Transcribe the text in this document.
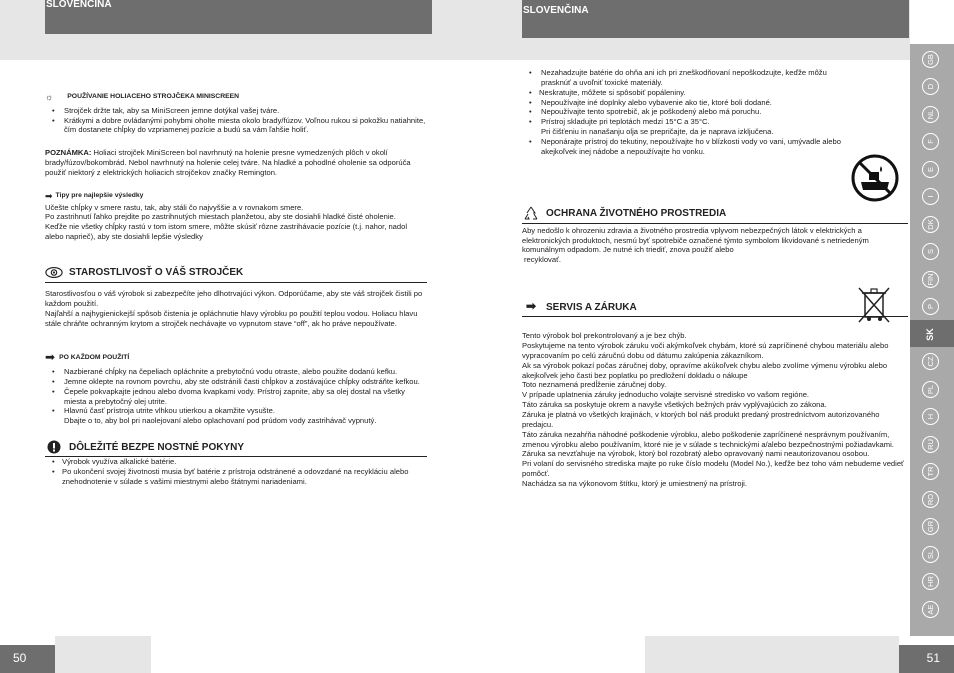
SLOVENČINA
SLOVENČINA
☼ POUŽÍVANIE HOLIACEHO STROJČEKA MINISCREEN
• Strojček držte tak, aby sa MiniScreen jemne dotýkal vašej tváre.
• Krátkymi a dobre ovládanými pohybmi oholte miesta okolo brady/fúzov. Voľnou rukou si pokožku natiahnite, čím dostanete chĺpky do vzpriamenej pozície a budú sa vám ľahšie holiť.

POZNÁMKA: Holiaci strojček MiniScreen bol navrhnutý na holenie presne vymedzených plôch v okolí brady/fúzov/bokombrád. Nebol navrhnutý na holenie celej tváre. Na hladké a pohodlné oholenie sa odporúča použiť niektorý z elektrických holiacich strojčekov značky Remington.

➡ Tipy pre najlepšie výsledky

Učešte chĺpky v smere rastu, tak, aby stáli čo najvyššie a v rovnakom smere.

Po zastrihnutí ľahko prejdite po zastrihnutých miestach planžetou, aby ste dosiahli hladké čisté oholenie.

Keďže nie všetky chĺpky rastú v tom istom smere, môžte skúsiť rôzne zastrihávacie pozície (t.j. nahor, nadol alebo naprieč), aby ste dosiahli lepšie výsledky

STAROSTLIVOSŤ O VÁŠ STROJČEK

Starostlivosťou o váš výrobok si zabezpečíte jeho dlhotrvajúci výkon. Odporúčame, aby ste váš strojček čistili po každom použití.

Najľahší a najhygienickejší spôsob čistenia je opláchnutie hlavy výrobku po použití teplou vodou. Holiacu hlavu stále chráňte ochranným krytom a strojček nechávajte vo vypnutom stave “off”, ak ho práve nepoužívate.

➡ PO KAŽDOM POUŽITÍ
• Nazbierané chĺpky na čepeliach opláchnite a prebytočnú vodu otraste, alebo použite dodanú kefku.
• Jemne oklepte na rovnom povrchu, aby ste odstránili časti chĺpkov a zostávajúce chĺpky odstráňte kefkou.
• Čepele pokvapkajte jednou alebo dvoma kvapkami vody. Prístroj zapnite, aby sa olej dostal na všetky miesta a prebytočný olej utrite.
• Hlavnú časť prístroja utrite vlhkou utierkou a okamžite vysušte.

Dbajte o to, aby bol pri naolejovaní alebo oplachovaní pod prúdom vody zastrihávač vypnutý.

DÔLEŽITÉ BEZPE NOSTNÉ POKYNY
• Výrobok využíva alkalické batérie.
• Po ukončení svojej životnosti musia byť batérie z prístroja odstránené a odovzdané na recykláciu alebo znehodnotenie v súlade s vašimi miestnymi alebo štátnymi nariadeniami.
• Nezahadzujte batérie do ohňa ani ich pri zneškodňovaní nepoškodzujte, keďže môžu prasknúť a uvoľniť toxické materiály.
• Neskratujte, môžete si spôsobiť popáleniny.
• Nepoužívajte iné doplnky alebo vybavenie ako tie, ktoré boli dodané.
• Nepoužívajte tento spotrebič, ak je poškodený alebo má poruchu.
• Prístroj skladujte pri teplotách medzi 15°C a 35°C.

Pri čišťeniu in nanašanju olja se prepričajte, da je naprava izključena.

• Neponárajte prístroj do tekutiny, nepoužívajte ho v blízkosti vody vo vani, umývadle alebo akejkoľvek inej nádobe a nepoužívajte ho vonku.
OCHRANA ŽIVOTNÉHO PROSTREDIA

Aby nedošlo k ohrozeniu zdravia a životného prostredia vplyvom nebezpečných látok v elektrických a elektronických produktoch, nesmú byť spotrebiče označené týmto symbolom likvidované s netriedeným komunálnym odpadom. Je nutné ich triediť, znova použiť alebo

recyklovať.

➡ SERVIS A ZÁRUKA

Tento výrobok bol prekontrolovaný a je bez chýb.

Poskytujeme na tento výrobok záruku voči akýmkoľvek chybám, ktoré sú zapríčinené chybou materiálu alebo vypracovaním po celú záručnú dobu od dátumu zakúpenia zákazníkom.

Ak sa výrobok pokazí počas záručnej doby, opravíme akúkoľvek chybu alebo zvolíme výmenu výrobku alebo akejkoľvek jeho časti bez poplatku po predložení dokladu o nákupe

Toto neznamená predĺženie záručnej doby.

V prípade uplatnenia záruky jednoducho volajte servisné stredisko vo vašom regióne.

Táto záruka sa poskytuje okrem a navyše všetkých bežných práv vyplývajúcich zo zákona.

Záruka je platná vo všetkých krajinách, v ktorých bol náš produkt predaný prostredníctvom autorizovaného predajcu.

Táto záruka nezahŕňa náhodné poškodenie výrobku, alebo poškodenie zapríčinené nesprávnym používaním, zmenou výrobku alebo používaním, ktoré nie je v súlade s technickými a/alebo bezpečnostnými požiadavkami.

Záruka sa nevzťahuje na výrobok, ktorý bol rozobratý alebo opravovaný nami neautorizovanou osobou.

Pri volaní do servisného strediska majte po ruke číslo modelu (Model No.), keďže bez toho vám nebudeme vedieť pomôcť.

Nachádza sa na výkonovom štítku, ktorý je umiestnený na prístroji.

GB
D
NL
F
E
I
DK
S
FIN
P
SK
CZ
PL
H
RU
TR
RO
GR
SL
HR
AE
50	51
